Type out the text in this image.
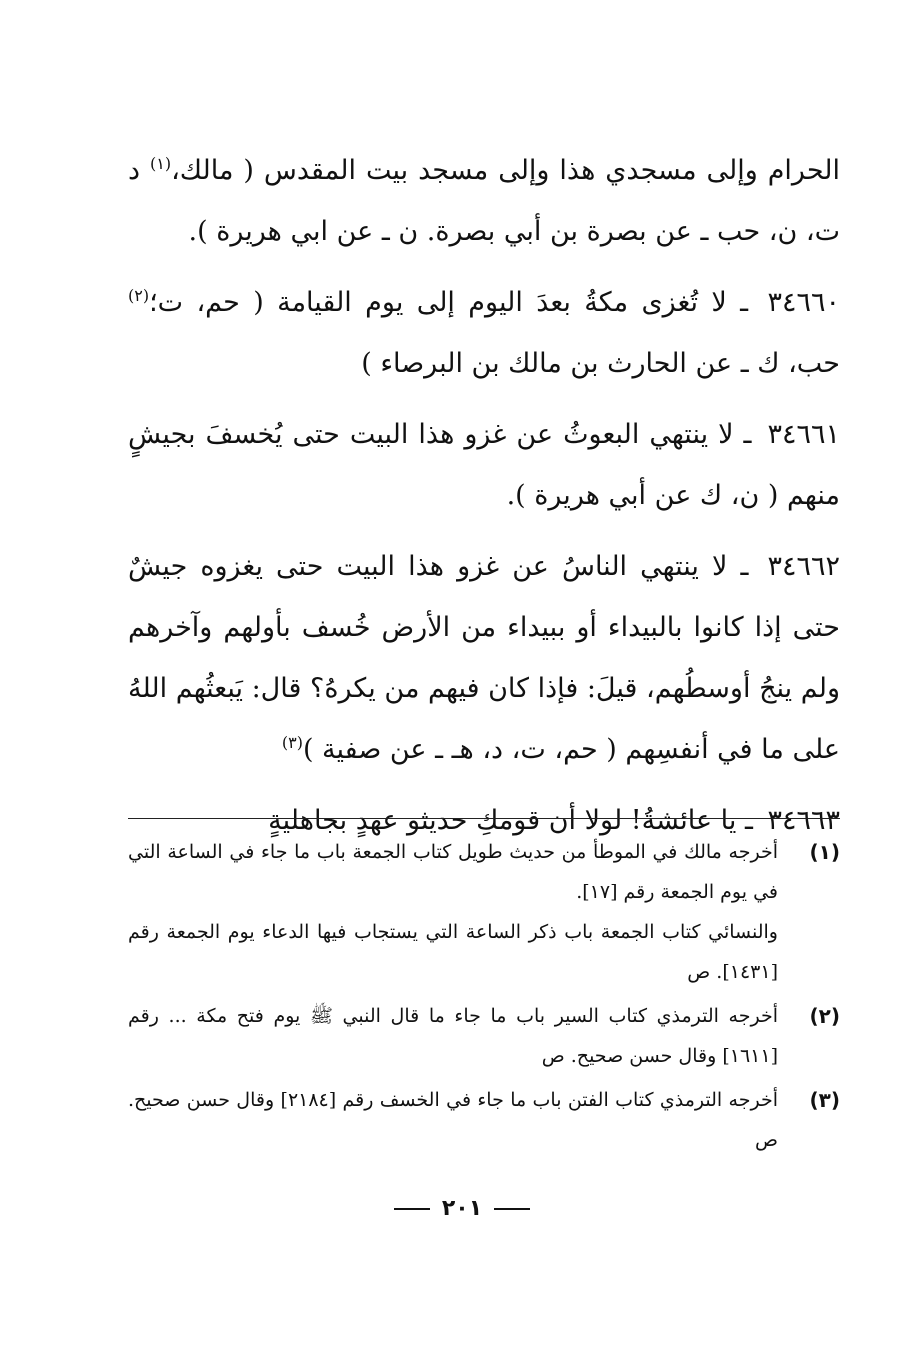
الحرام وإلى مسجدي هذا وإلى مسجد بيت المقدس ( مالك،$^{(١)}$ د ت، ن، حب ـ عن بصرة بن أبي بصرة. ن ـ عن ابي هريرة ).

٣٤٦٦٠ ـ لا تُغزى مكةُ بعدَ اليوم إلى يوم القيامة ( حم، ت؛$^{(٢)}$ حب، ك ـ عن الحارث بن مالك بن البرصاء )

٣٤٦٦١ ـ لا ينتهي البعوثُ عن غزو هذا البيت حتى يُخسفَ بجيشٍ منهم ( ن، ك عن أبي هريرة ).

٣٤٦٦٢ ـ لا ينتهي الناسُ عن غزو هذا البيت حتى يغزوه جيشٌ حتى إذا كانوا بالبيداء أو ببيداء من الأرض خُسف بأولهم وآخرهم ولم ينجُ أوسطُهم، قيلَ: فإذا كان فيهم من يكرهُ؟ قال: يَبعثُهم اللهُ على ما في أنفسِهم ( حم، ت، د، هـ ـ عن صفية )$^{(٣)}$

٣٤٦٦٣ ـ يا عائشةُ! لولا أن قومكِ حديثو عهدٍ بجاهليةٍ

(١)
أخرجه مالك في الموطأ من حديث طويل كتاب الجمعة باب ما جاء في الساعة التي في يوم الجمعة رقم [١٧].
والنسائي كتاب الجمعة باب ذكر الساعة التي يستجاب فيها الدعاء يوم الجمعة رقم [١٤٣١]. ص
(٢)
أخرجه الترمذي كتاب السير باب ما جاء ما قال النبي ﷺ يوم فتح مكة ... رقم [١٦١١] وقال حسن صحيح. ص
(٣)
أخرجه الترمذي كتاب الفتن باب ما جاء في الخسف رقم [٢١٨٤] وقال حسن صحيح. ص
٢٠١
